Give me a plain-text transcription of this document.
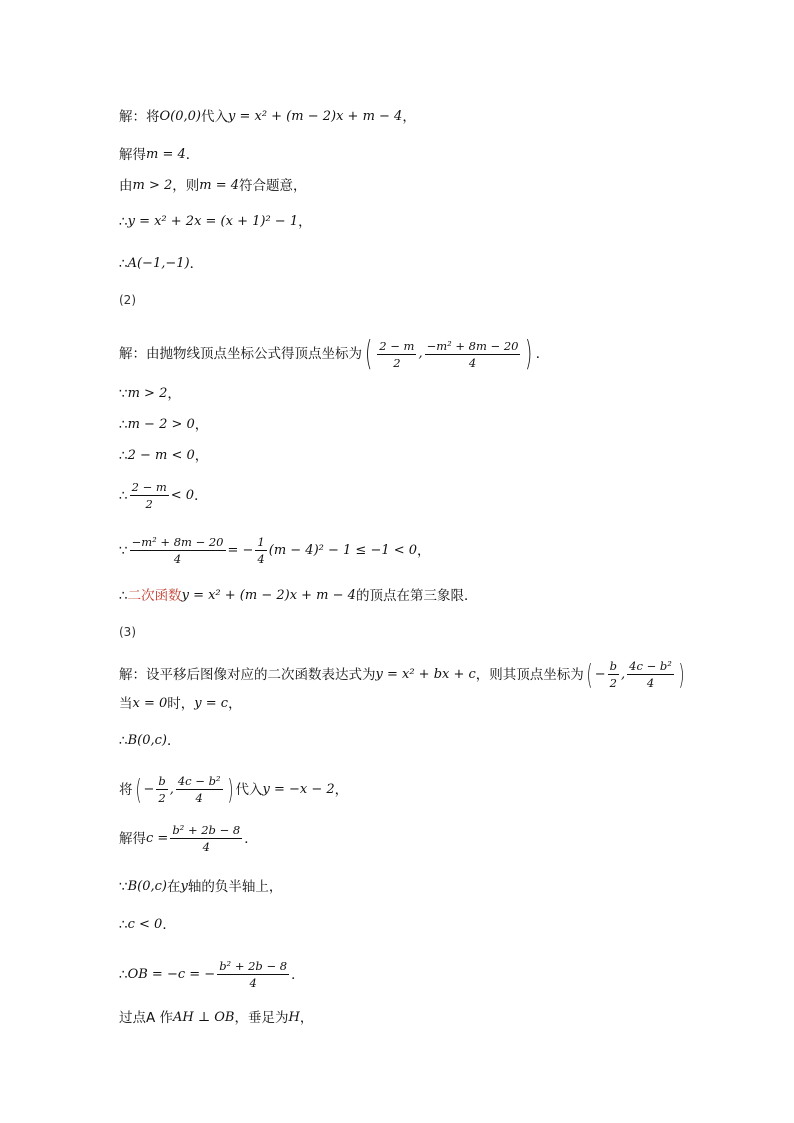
解：将 O(0,0) 代入 y = x² + (m − 2)x + m − 4 ，
解得 m = 4 ．
由 m > 2 ，则 m = 4 符合题意，
∴ y = x² + 2x = (x + 1)² − 1 ，
∴ A(−1,−1) ．
(2)
解：由抛物线顶点坐标公式得顶点坐标为 ( $\frac{2 - m}{2}$ , $\frac{\text{−m² + 8m − 20}}{4}$ ) ．
∵ m > 2 ，
∴ m − 2 > 0 ，
∴ 2 − m < 0 ，
∴ $\frac{2 - m}{2} < 0$ ．
∵ $\frac{\text{−m² + 8m − 20}}{4}$ = − $\frac{1}{4} (m - 4)^2 - 1 \le -1 < 0$ ，
∴ 二次函数 y = x² + (m − 2)x + m − 4 的顶点在第三象限．
(3)
解：设平移后图像对应的二次函数表达式为 y = x² + bx + c ，则其顶点坐标为 ( − $\frac{b}{2}$ , $\frac{\text{4c − b²}}{4}$ )
当 x = 0 时， y = c ，
∴ B(0,c) ．
将 ( − $\frac{b}{2}$ , $\frac{\text{4c − b²}}{4}$ ) 代入 y = −x − 2 ，
解得 $c = \frac{\text{b² + 2b − 8}}{4}$ ．
∵ B(0,c) 在 y 轴的负半轴上，
∴ c < 0 ．
∴ OB = −c = − $\frac{\text{b² + 2b − 8}}{4}$ ．
过点A 作 AH ⊥ OB ，垂足为 H ，
